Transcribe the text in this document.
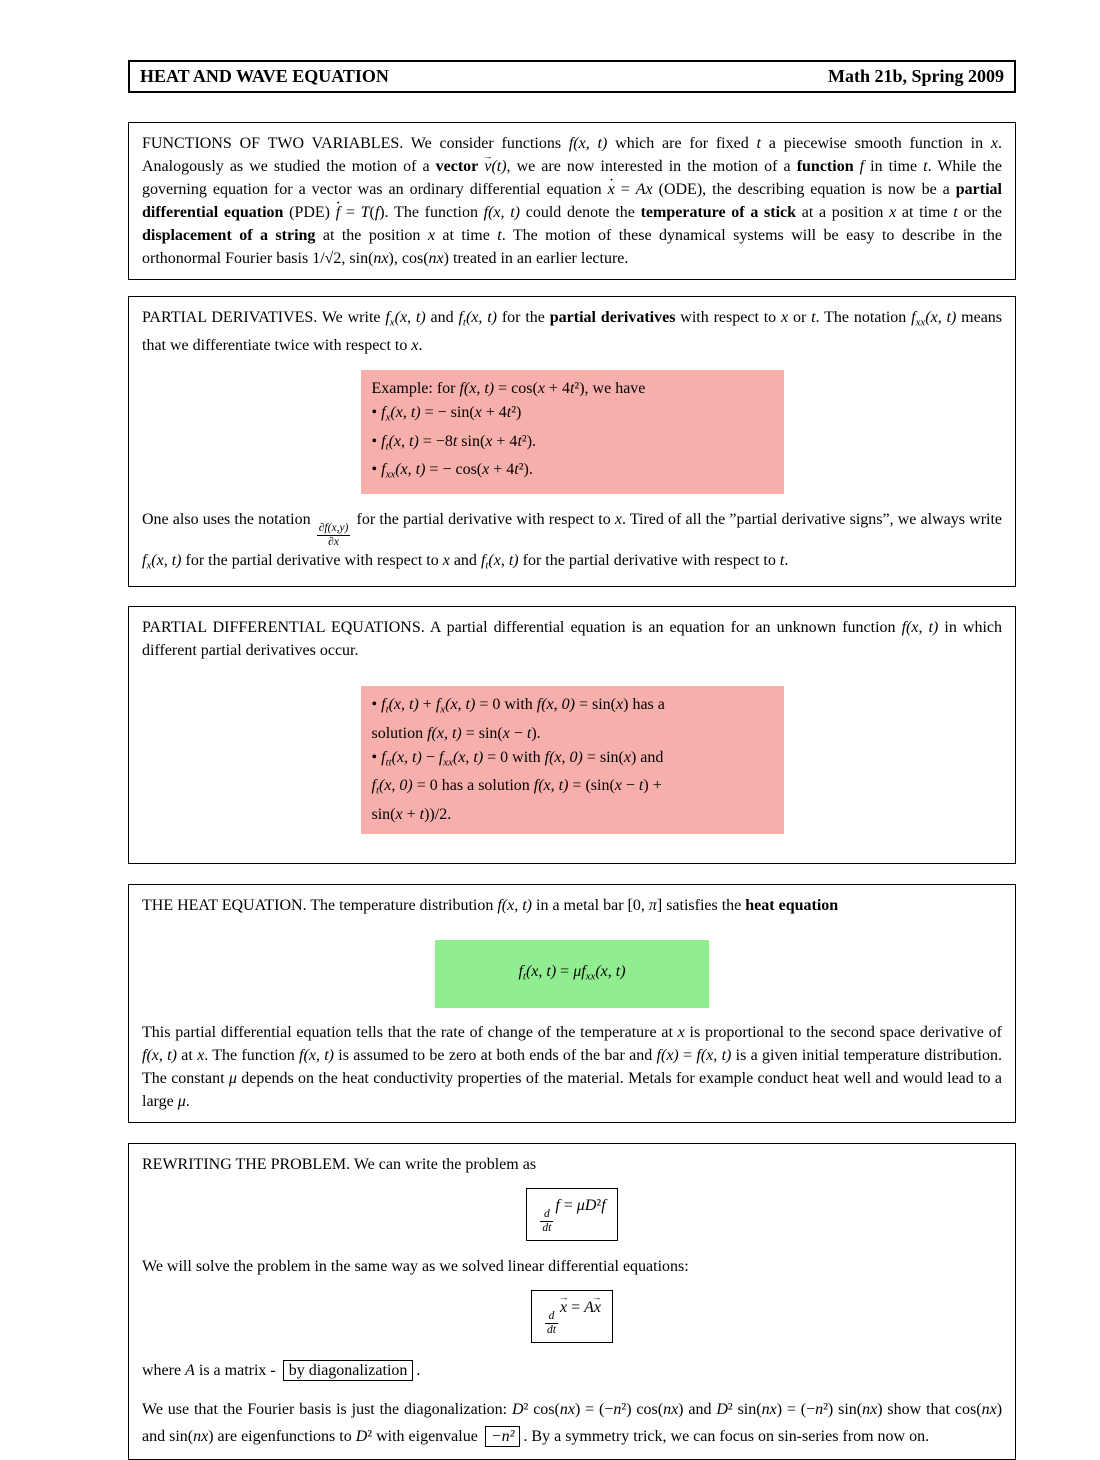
HEAT AND WAVE EQUATION	Math 21b, Spring 2009

FUNCTIONS OF TWO VARIABLES. We consider functions f(x, t) which are for fixed t a piecewise smooth function in x. Analogously as we studied the motion of a vector v →(t), we are now interested in the motion of a function f in time t. While the governing equation for a vector was an ordinary differential equation x · = Ax (ODE), the describing equation is now be a partial differential equation (PDE) f · = T(f). The function f(x, t) could denote the temperature of a stick at a position x at time t or the displacement of a string at the position x at time t. The motion of these dynamical systems will be easy to describe in the orthonormal Fourier basis 1/√2, sin(nx), cos(nx) treated in an earlier lecture.

PARTIAL DERIVATIVES. We write $f_x(x$, t) and $f_t(x$, t) for the partial derivatives with respect to x or t. The notation $f_{xx}(x$, t) means that we differentiate twice with respect to x.

Example: for f(x, t) = cos(x + 4t²), we have
• $f_x(x$, t) = − sin(x + 4t²)
• $f_t(x$, t) = −8t sin(x + 4t²).
• $f_{xx}(x$, t) = − cos(x + 4t²).

One also uses the notation
$\frac{\partial f(x,y)}{\partial x}$
for the partial derivative with respect to x. Tired of all the ”partial derivative signs”, we always write $f_x(x$, t) for the partial derivative with respect to x and $f_t(x$, t) for the partial derivative with respect to t.

PARTIAL DIFFERENTIAL EQUATIONS. A partial differential equation is an equation for an unknown function f(x, t) in which different partial derivatives occur.

• $f_t(x$, $t) + f_x(x$, t) = 0 with f(x, 0) = sin(x) has a
solution f(x, t) = sin(x − t).
• $f_{tt}(x$, $t) - f_{xx}(x$, t) = 0 with f(x, 0) = sin(x) and
$f_t(x$, 0) = 0 has a solution f(x, t) = (sin(x − t) +
sin(x + t))/2.

THE HEAT EQUATION. The temperature distribution f(x, t) in a metal bar [0, π] satisfies the heat equation

$f_t(x$, $t) = \mu f_{xx}(x$, t)

This partial differential equation tells that the rate of change of the temperature at x is proportional to the second space derivative of f(x, t) at x. The function f(x, t) is assumed to be zero at both ends of the bar and f(x) = f(x, t) is a given initial temperature distribution. The constant μ depends on the heat conductivity properties of the material. Metals for example conduct heat well and would lead to a large μ.

REWRITING THE PROBLEM. We can write the problem as

$\frac{d}{dt}$
f = μD²f

We will solve the problem in the same way as we solved linear differential equations:

$\frac{d}{dt}$
x → = Ax →

where A is a matrix - by diagonalization .

We use that the Fourier basis is just the diagonalization: D² cos(nx) = (−n²) cos(nx) and D² sin(nx) = (−n²) sin(nx) show that cos(nx) and sin(nx) are eigenfunctions to D² with eigenvalue −n² . By a symmetry trick, we can focus on sin-series from now on.
